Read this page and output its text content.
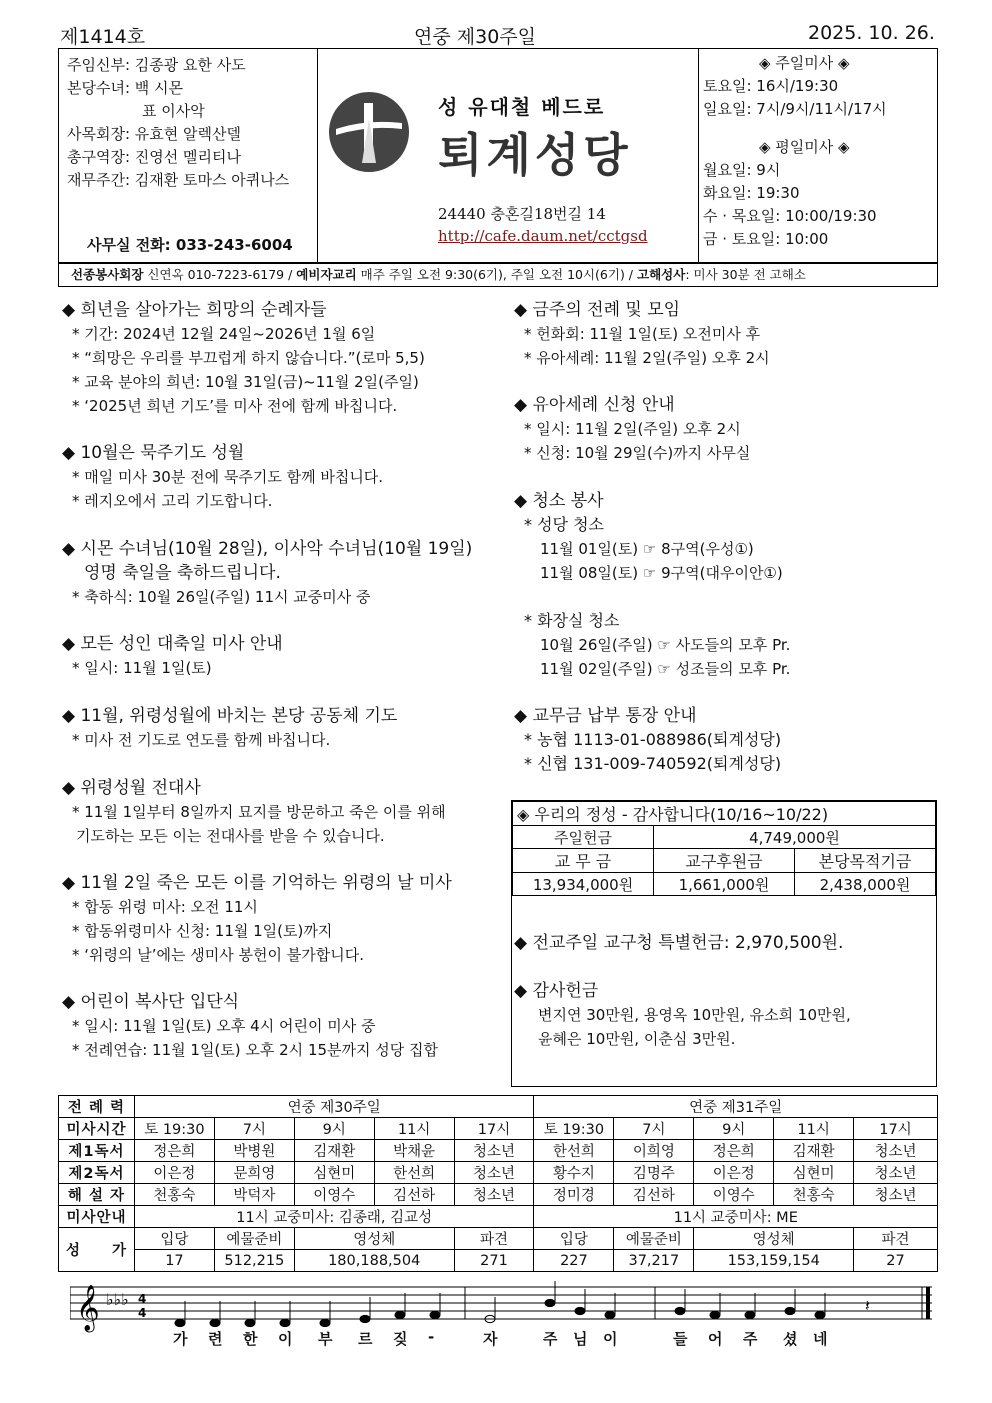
제1414호	연중 제30주일	2025. 10. 26.
주임신부: 김종광 요한 사도
본당수녀: 백 시몬
　　　　　표 이사악
사목회장: 유효현 알렉산델
총구역장: 진영선 멜리티나
재무주간: 김재환 토마스 아퀴나스
사무실 전화: 033-243-6004
성 유대철 베드로
퇴계성당
24440 충혼길18번길 14
http://cafe.daum.net/cctgsd
◈ 주일미사 ◈
토요일: 16시/19:30
일요일: 7시/9시/11시/17시
◈ 평일미사 ◈
월요일: 9시
화요일: 19:30
수 · 목요일: 10:00/19:30
금 · 토요일: 10:00
선종봉사회장 신연옥 010-7223-6179 / 예비자교리 매주 주일 오전 9:30(6기), 주일 오전 10시(6기) / 고해성사: 미사 30분 전 고해소
◆ 희년을 살아가는 희망의 순례자들
* 기간: 2024년 12월 24일~2026년 1월 6일
* “희망은 우리를 부끄럽게 하지 않습니다.”(로마 5,5)
* 교육 분야의 희년: 10월 31일(금)~11월 2일(주일)
* ‘2025년 희년 기도’를 미사 전에 함께 바칩니다.
◆ 10월은 묵주기도 성월
* 매일 미사 30분 전에 묵주기도 함께 바칩니다.
* 레지오에서 고리 기도합니다.
◆ 시몬 수녀님(10월 28일), 이사악 수녀님(10월 19일)
영명 축일을 축하드립니다.
* 축하식: 10월 26일(주일) 11시 교중미사 중
◆ 모든 성인 대축일 미사 안내
* 일시: 11월 1일(토)
◆ 11월, 위령성월에 바치는 본당 공동체 기도
* 미사 전 기도로 연도를 함께 바칩니다.
◆ 위령성월 전대사
* 11월 1일부터 8일까지 묘지를 방문하고 죽은 이를 위해
기도하는 모든 이는 전대사를 받을 수 있습니다.
◆ 11월 2일 죽은 모든 이를 기억하는 위령의 날 미사
* 합동 위령 미사: 오전 11시
* 합동위령미사 신청: 11월 1일(토)까지
* ‘위령의 날’에는 생미사 봉헌이 불가합니다.
◆ 어린이 복사단 입단식
* 일시: 11월 1일(토) 오후 4시 어린이 미사 중
* 전례연습: 11월 1일(토) 오후 2시 15분까지 성당 집합
◆ 금주의 전례 및 모임
* 헌화회: 11월 1일(토) 오전미사 후
* 유아세례: 11월 2일(주일) 오후 2시
◆ 유아세례 신청 안내
* 일시: 11월 2일(주일) 오후 2시
* 신청: 10월 29일(수)까지 사무실
◆ 청소 봉사
* 성당 청소
11월 01일(토) ☞ 8구역(우성①)
11월 08일(토) ☞ 9구역(대우이안①)
* 화장실 청소
10월 26일(주일) ☞ 사도들의 모후 Pr.
11월 02일(주일) ☞ 성조들의 모후 Pr.
◆ 교무금 납부 통장 안내
* 농협 1113-01-088986(퇴계성당)
* 신협 131-009-740592(퇴계성당)
◈ 우리의 정성 - 감사합니다(10/16~10/22)		
주일헌금	4,749,000원	
교 무 금	교구후원금	본당목적기금
13,934,000원	1,661,000원	2,438,000원
◆ 전교주일 교구청 특별헌금: 2,970,500원.
◆ 감사헌금
변지연 30만원, 용영옥 10만원, 유소희 10만원,
윤혜은 10만원, 이춘심 3만원.
전 례 력	연중 제30주일					연중 제31주일				
미사시간	토 19:30	7시	9시	11시	17시	토 19:30	7시	9시	11시	17시
제1독서	정은희	박병원	김재환	박채윤	청소년	한선희	이희영	정은희	김재환	청소년
제2독서	이은정	문희영	심현미	한선희	청소년	황수지	김명주	이은정	심현미	청소년
해 설 자	천홍숙	박덕자	이영수	김선하	청소년	정미경	김선하	이영수	천홍숙	청소년
미사안내	11시 교중미사: 김종래, 김교성					11시 교중미사: ME				
성　　가	입당	예물준비	영성체		파견	입당	예물준비	영성체		파견
	17	512,215	180,188,504		271	227	37,217	153,159,154		27
𝄞 ♭♭♭ 4
4	𝄽
가 련 한 이 부 르 짖 -	자	주 님 이	들 어 주 셨 네
